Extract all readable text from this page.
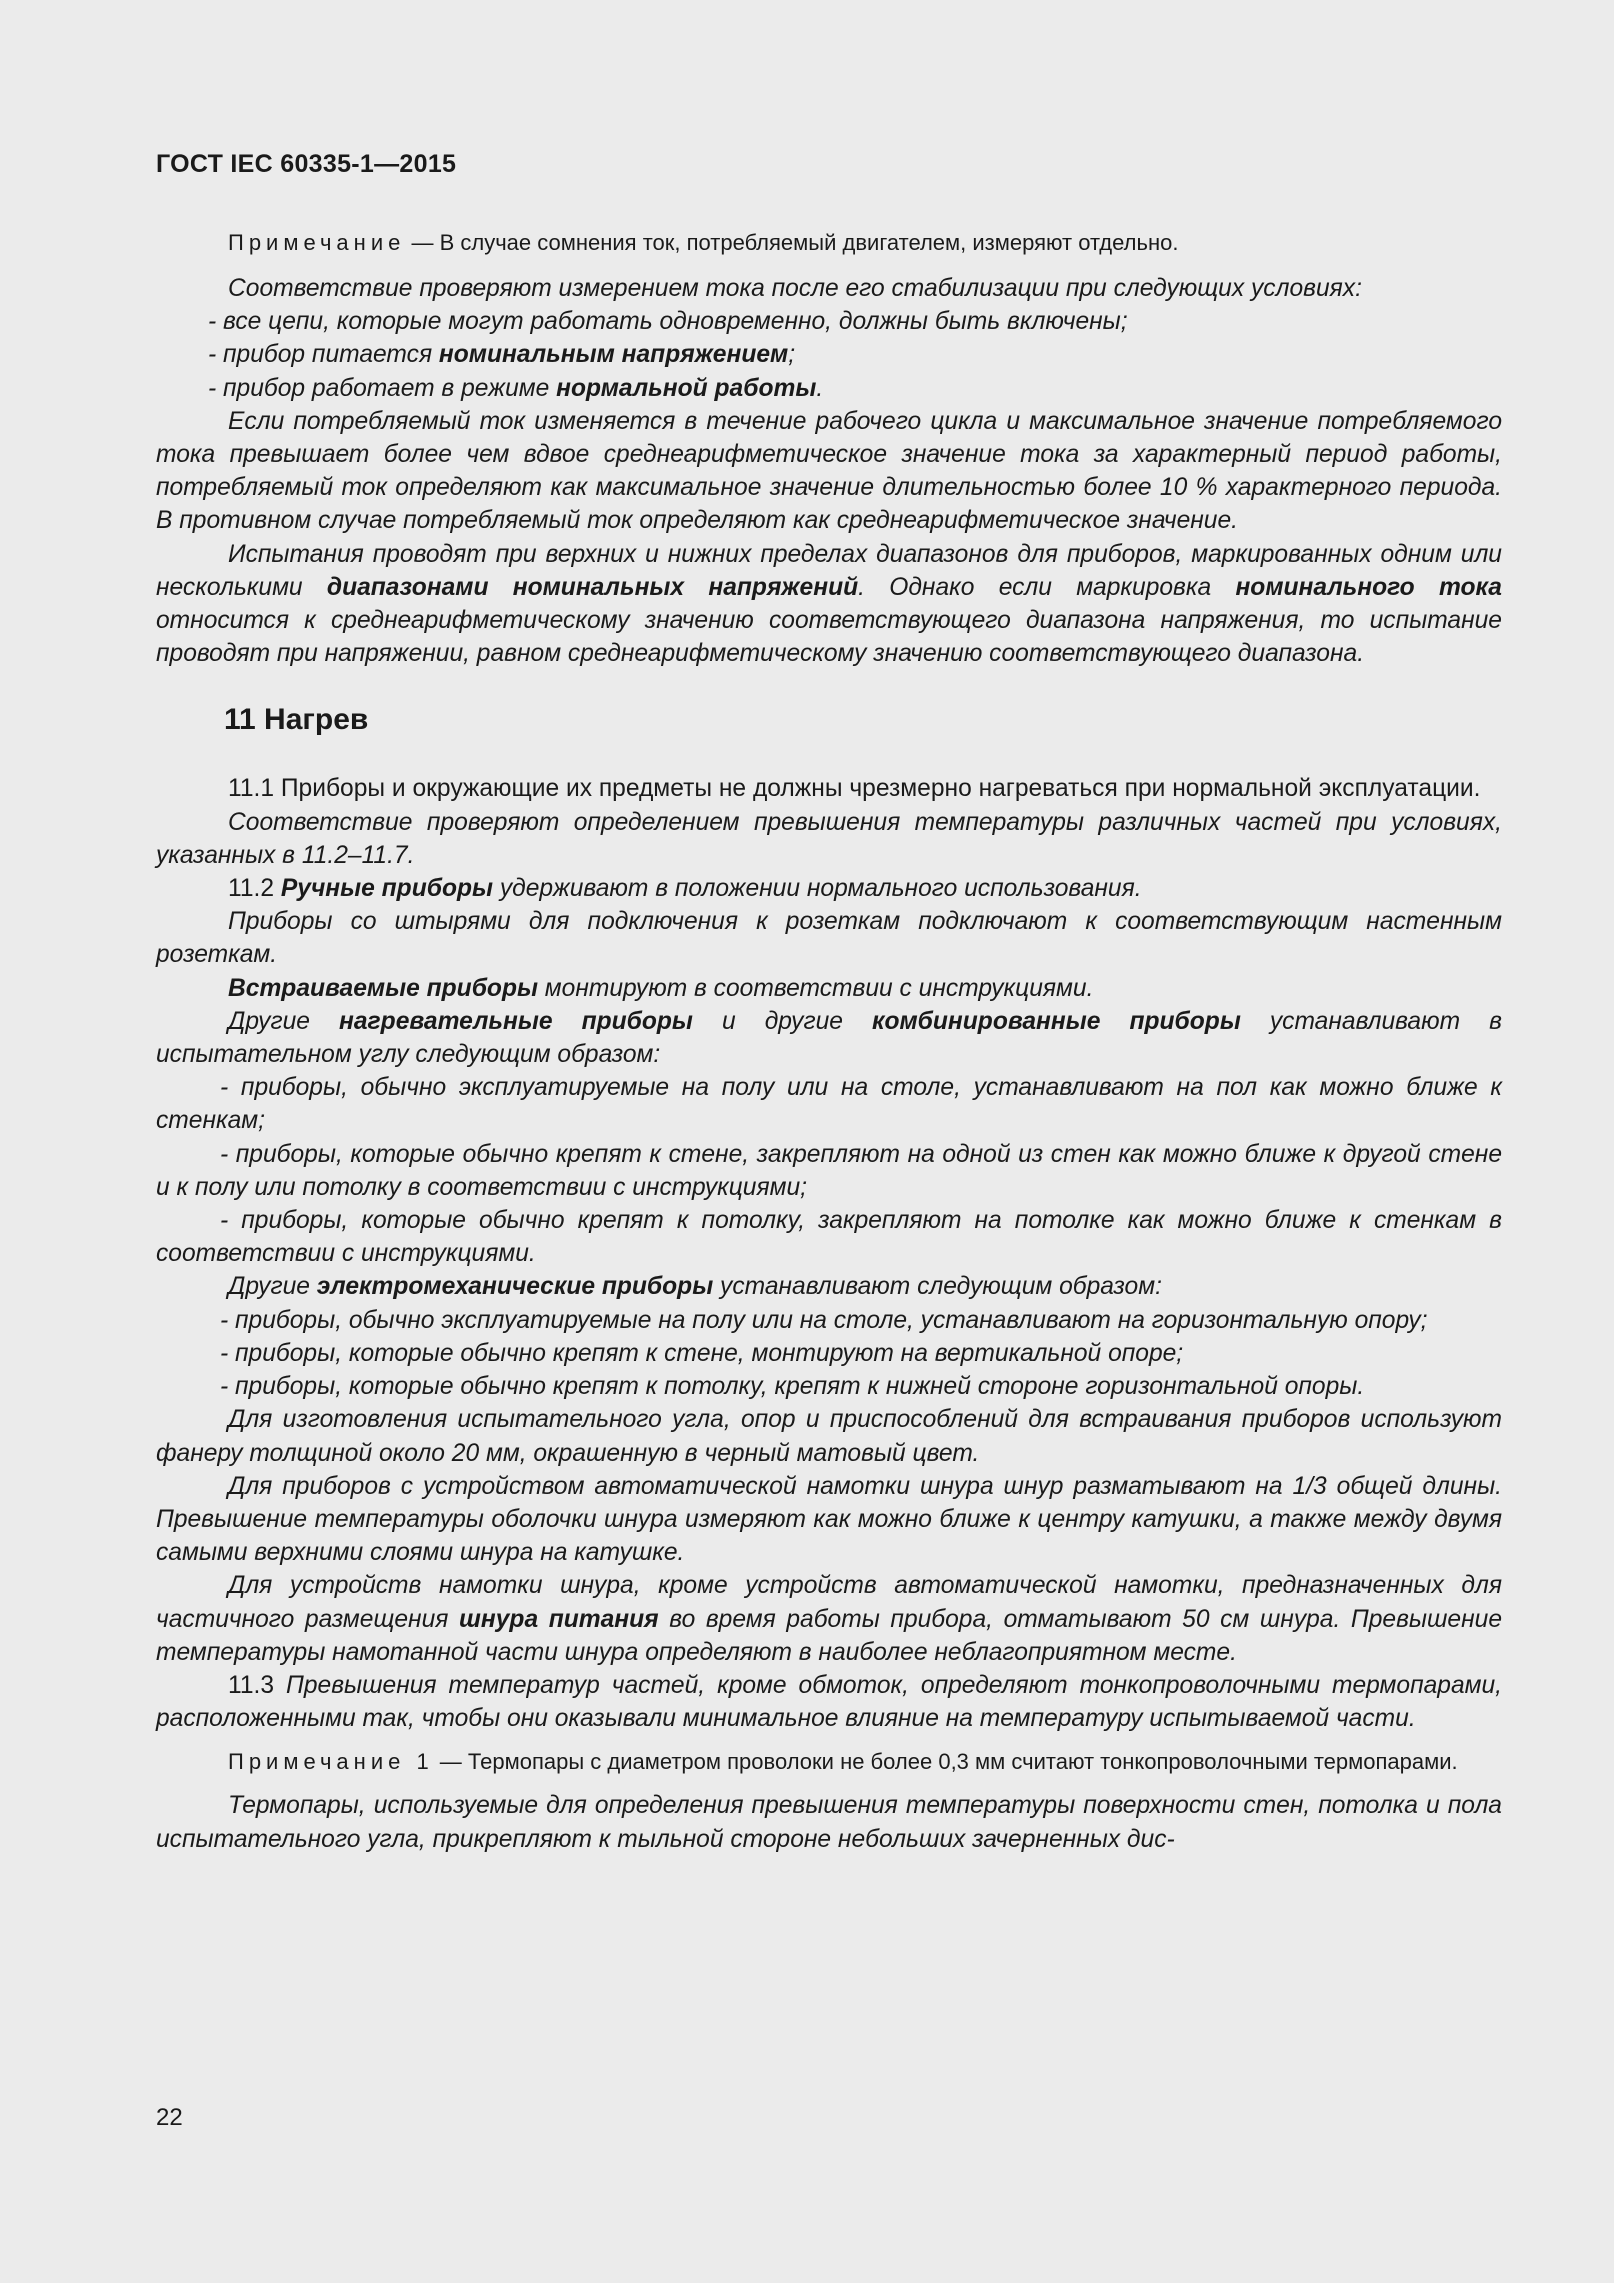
ГОСТ IEC 60335-1—2015

Примечание — В случае сомнения ток, потребляемый двигателем, измеряют отдельно.

Соответствие проверяют измерением тока после его стабилизации при следующих условиях:

- все цепи, которые могут работать одновременно, должны быть включены;

- прибор питается номинальным напряжением;

- прибор работает в режиме нормальной работы.

Если потребляемый ток изменяется в течение рабочего цикла и максимальное значение потребляемого тока превышает более чем вдвое среднеарифметическое значение тока за характерный период работы, потребляемый ток определяют как максимальное значение длительностью более 10 % характерного периода. В противном случае потребляемый ток определяют как среднеарифметическое значение.

Испытания проводят при верхних и нижних пределах диапазонов для приборов, маркированных одним или несколькими диапазонами номинальных напряжений. Однако если маркировка номинального тока относится к среднеарифметическому значению соответствующего диапазона напряжения, то испытание проводят при напряжении, равном среднеарифметическому значению соответствующего диапазона.

11 Нагрев

11.1 Приборы и окружающие их предметы не должны чрезмерно нагреваться при нормальной эксплуатации.

Соответствие проверяют определением превышения температуры различных частей при условиях, указанных в 11.2–11.7.

11.2 Ручные приборы удерживают в положении нормального использования.

Приборы со штырями для подключения к розеткам подключают к соответствующим настенным розеткам.

Встраиваемые приборы монтируют в соответствии с инструкциями.

Другие нагревательные приборы и другие комбинированные приборы устанавливают в испытательном углу следующим образом:

- приборы, обычно эксплуатируемые на полу или на столе, устанавливают на пол как можно ближе к стенкам;

- приборы, которые обычно крепят к стене, закрепляют на одной из стен как можно ближе к другой стене и к полу или потолку в соответствии с инструкциями;

- приборы, которые обычно крепят к потолку, закрепляют на потолке как можно ближе к стенкам в соответствии с инструкциями.

Другие электромеханические приборы устанавливают следующим образом:

- приборы, обычно эксплуатируемые на полу или на столе, устанавливают на горизонтальную опору;

- приборы, которые обычно крепят к стене, монтируют на вертикальной опоре;

- приборы, которые обычно крепят к потолку, крепят к нижней стороне горизонтальной опоры.

Для изготовления испытательного угла, опор и приспособлений для встраивания приборов используют фанеру толщиной около 20 мм, окрашенную в черный матовый цвет.

Для приборов с устройством автоматической намотки шнура шнур разматывают на 1/3 общей длины. Превышение температуры оболочки шнура измеряют как можно ближе к центру катушки, а также между двумя самыми верхними слоями шнура на катушке.

Для устройств намотки шнура, кроме устройств автоматической намотки, предназначенных для частичного размещения шнура питания во время работы прибора, отматывают 50 см шнура. Превышение температуры намотанной части шнура определяют в наиболее неблагоприятном месте.

11.3 Превышения температур частей, кроме обмоток, определяют тонкопроволочными термопарами, расположенными так, чтобы они оказывали минимальное влияние на температуру испытываемой части.

Примечание 1 — Термопары с диаметром проволоки не более 0,3 мм считают тонкопроволочными термопарами.

Термопары, используемые для определения превышения температуры поверхности стен, потолка и пола испытательного угла, прикрепляют к тыльной стороне небольших зачерненных дис-

22
